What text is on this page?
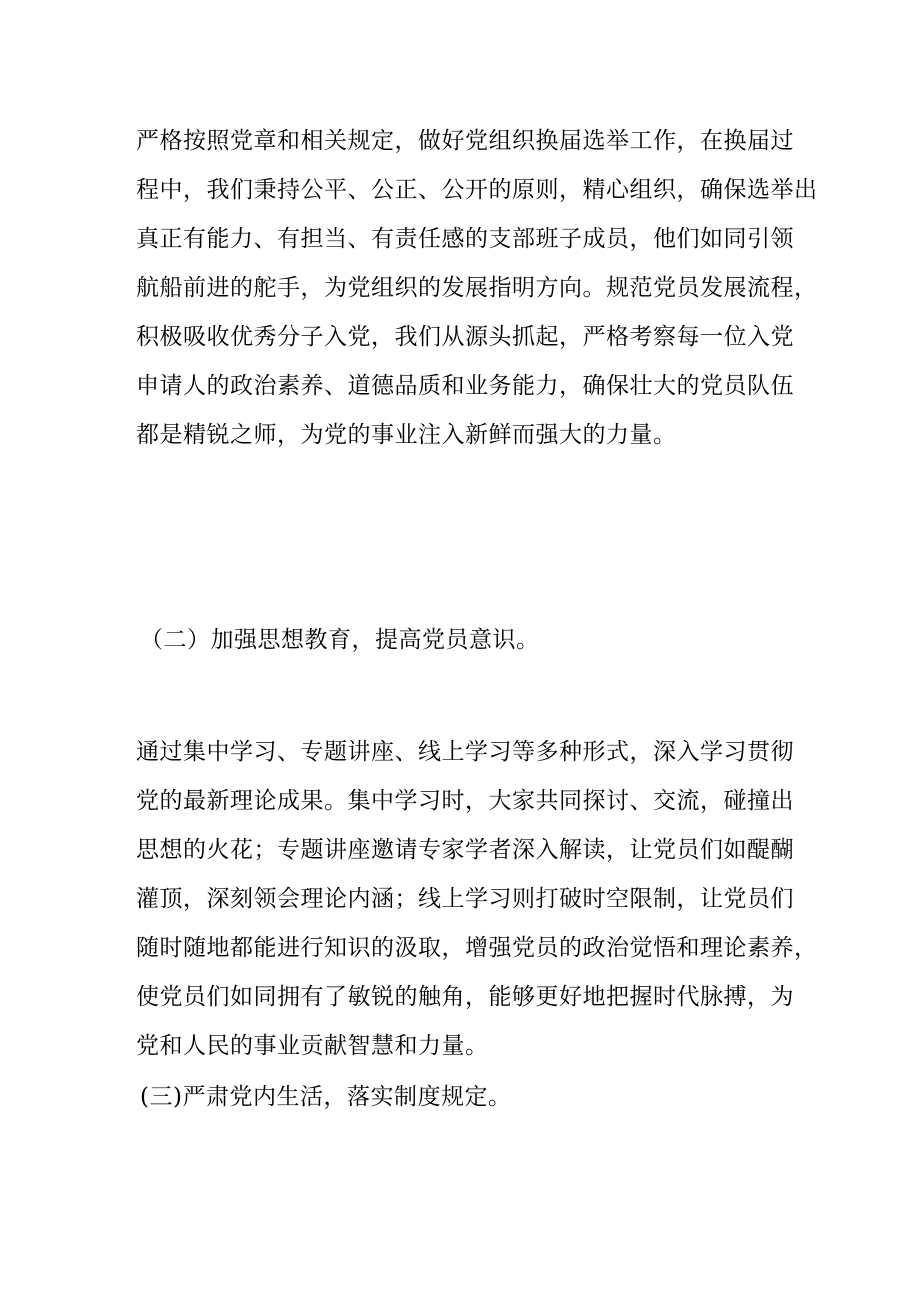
严格按照党章和相关规定，做好党组织换届选举工作，在换届过
程中，我们秉持公平、公正、公开的原则，精心组织，确保选举出
真正有能力、有担当、有责任感的支部班子成员，他们如同引领
航船前进的舵手，为党组织的发展指明方向。规范党员发展流程，
积极吸收优秀分子入党，我们从源头抓起，严格考察每一位入党
申请人的政治素养、道德品质和业务能力，确保壮大的党员队伍
都是精锐之师，为党的事业注入新鲜而强大的力量。

（二）加强思想教育，提高党员意识。

通过集中学习、专题讲座、线上学习等多种形式，深入学习贯彻
党的最新理论成果。集中学习时，大家共同探讨、交流，碰撞出
思想的火花；专题讲座邀请专家学者深入解读，让党员们如醍醐
灌顶，深刻领会理论内涵；线上学习则打破时空限制，让党员们
随时随地都能进行知识的汲取，增强党员的政治觉悟和理论素养，
使党员们如同拥有了敏锐的触角，能够更好地把握时代脉搏，为
党和人民的事业贡献智慧和力量。

(三)严肃党内生活，落实制度规定。
